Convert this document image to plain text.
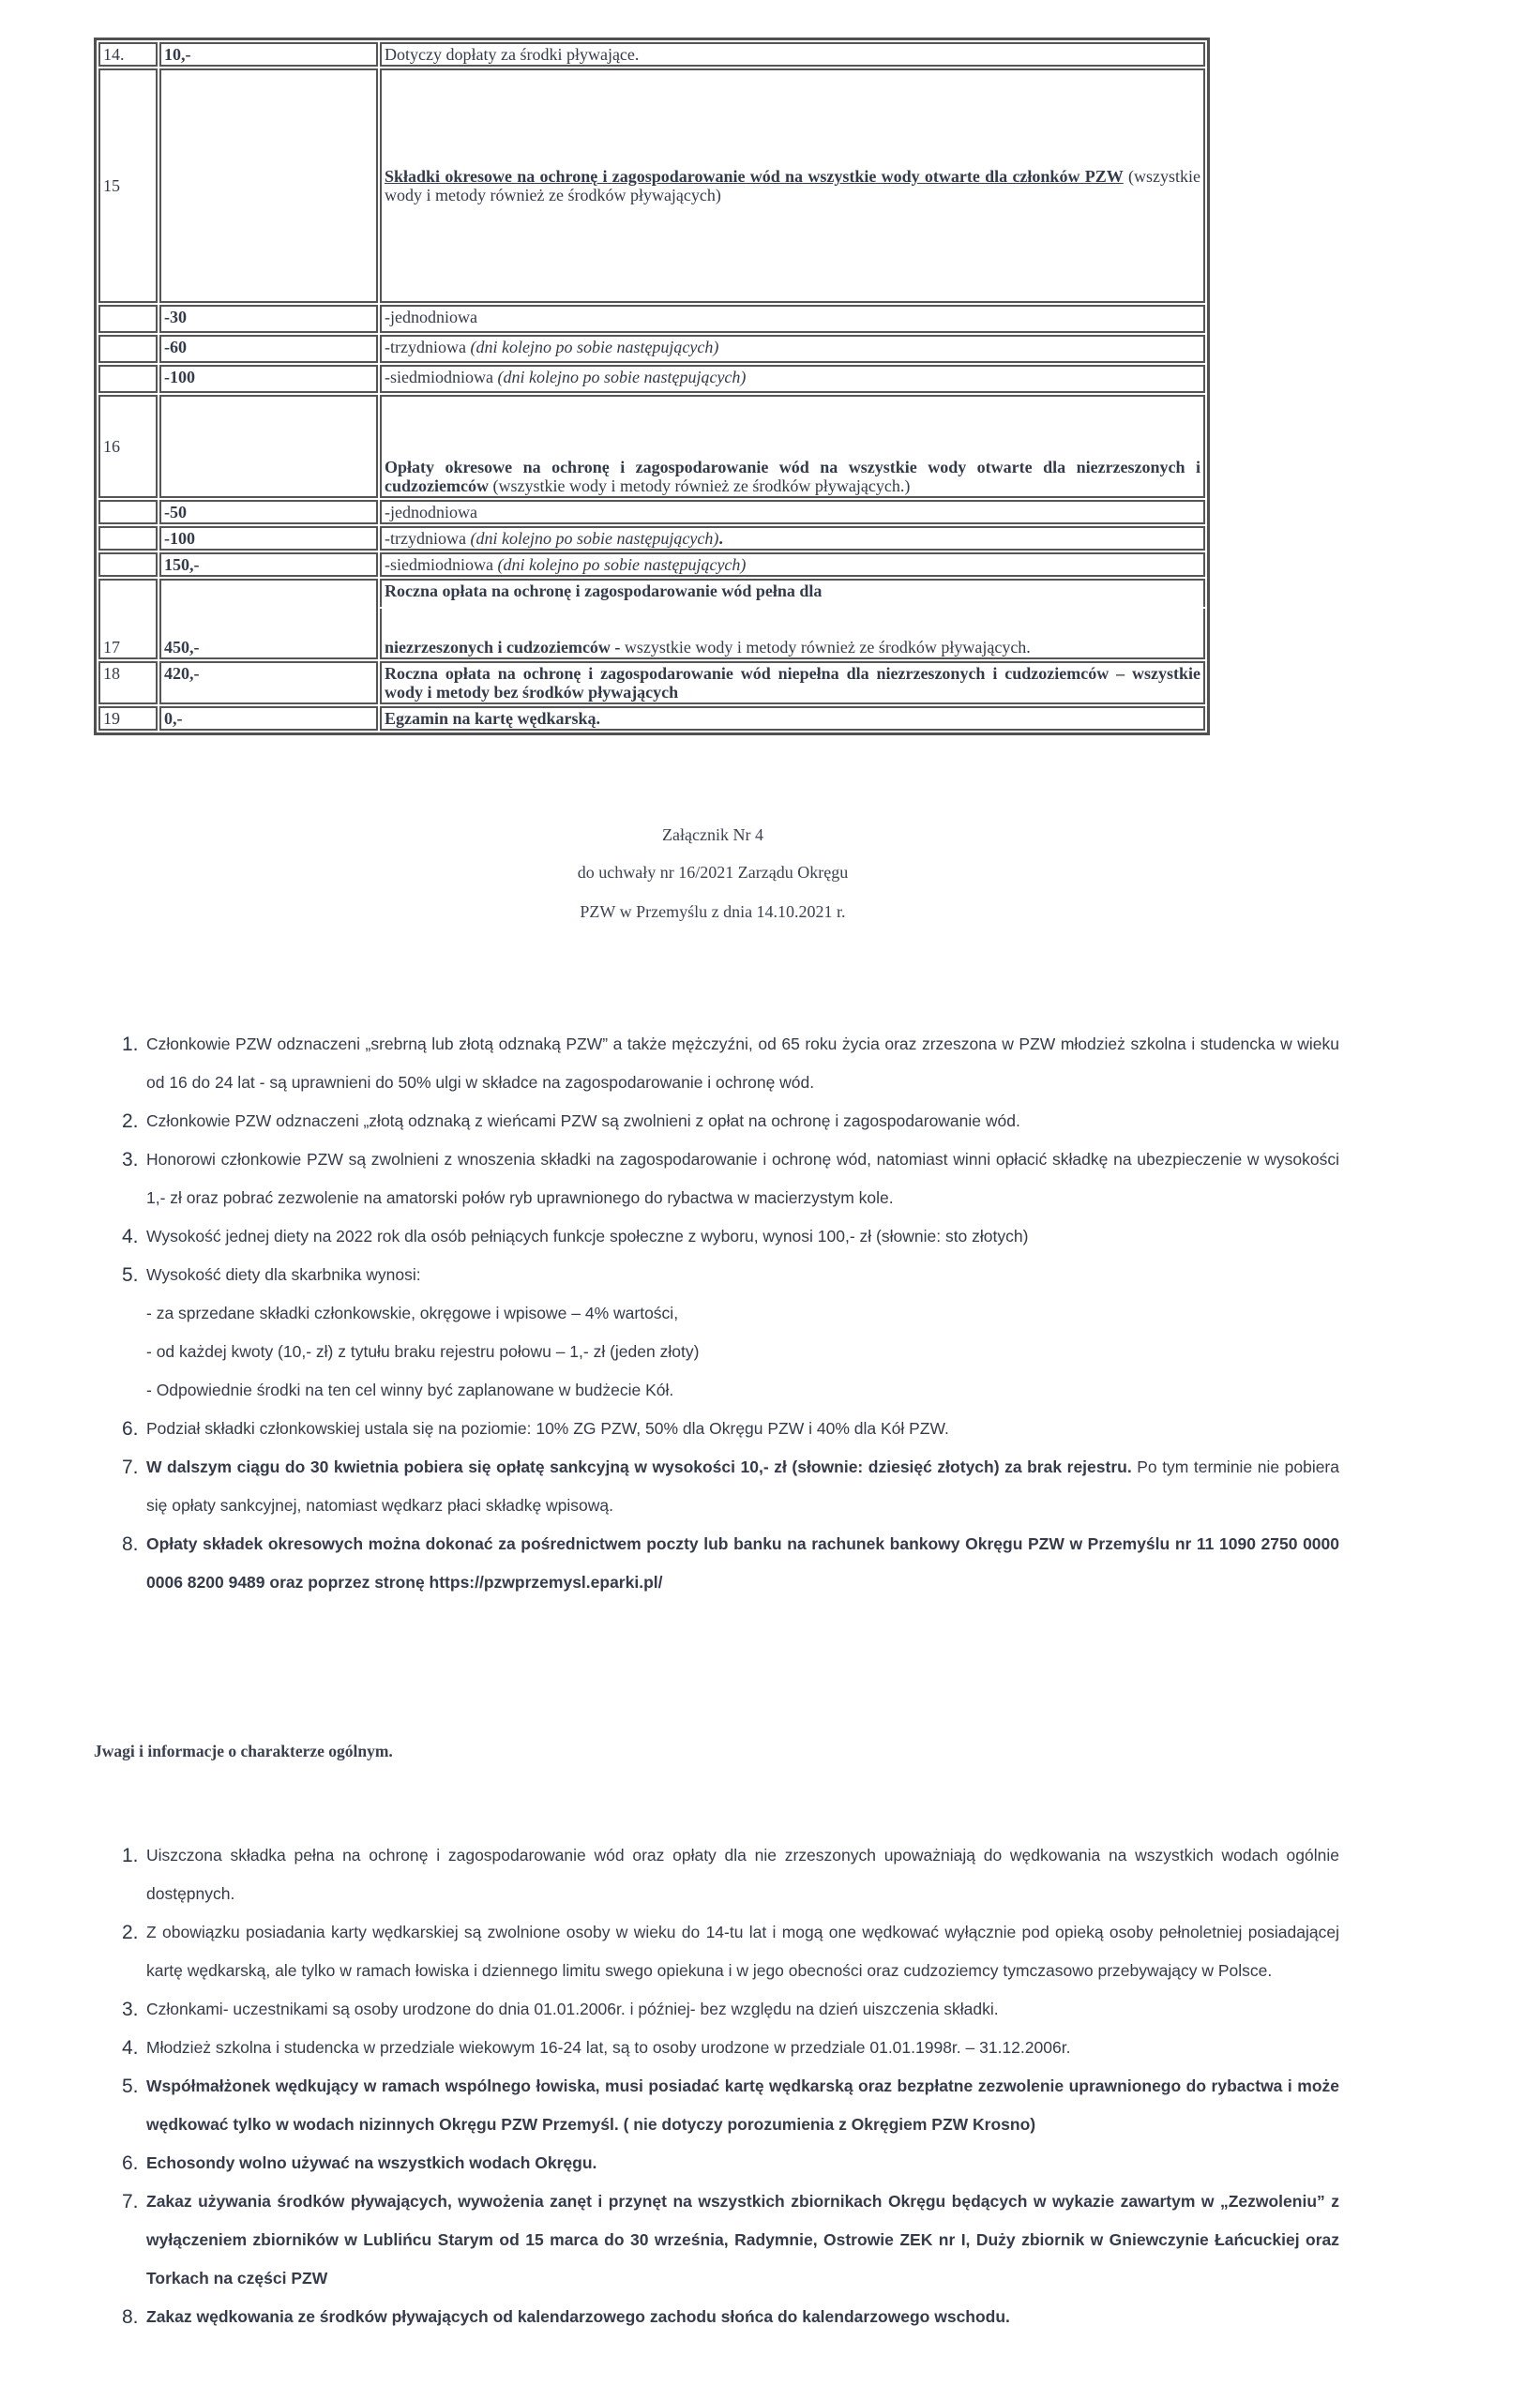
14.	10,-	Dotyczy dopłaty za środki pływające.
15		Składki okresowe na ochronę i zagospodarowanie wód na wszystkie wody otwarte dla członków PZW (wszystkie wody i metody również ze środków pływających)
	-30	-jednodniowa
	-60	-trzydniowa (dni kolejno po sobie następujących)
	-100	-siedmiodniowa (dni kolejno po sobie następujących)
16		Opłaty okresowe na ochronę i zagospodarowanie wód na wszystkie wody otwarte dla niezrzeszonych i cudzoziemców (wszystkie wody i metody również ze środków pływających.)
	-50	-jednodniowa
	-100	-trzydniowa (dni kolejno po sobie następujących).
	150,-	-siedmiodniowa (dni kolejno po sobie następujących)
17	450,-	Roczna opłata na ochronę i zagospodarowanie wód pełna dla
		niezrzeszonych i cudzoziemców - wszystkie wody i metody również ze środków pływających.
18	420,-	Roczna opłata na ochronę i zagospodarowanie wód niepełna dla niezrzeszonych i cudzoziemców – wszystkie wody i metody bez środków pływających
19	0,-	Egzamin na kartę wędkarską.
Załącznik Nr 4
do uchwały nr 16/2021 Zarządu Okręgu
PZW w Przemyślu z dnia 14.10.2021 r.
1. Członkowie PZW odznaczeni „srebrną lub złotą odznaką PZW” a także mężczyźni, od 65 roku życia oraz zrzeszona w PZW młodzież szkolna i studencka w wieku od 16 do 24 lat - są uprawnieni do 50% ulgi w składce na zagospodarowanie i ochronę wód.
2. Członkowie PZW odznaczeni „złotą odznaką z wieńcami PZW są zwolnieni z opłat na ochronę i zagospodarowanie wód.
3. Honorowi członkowie PZW są zwolnieni z wnoszenia składki na zagospodarowanie i ochronę wód, natomiast winni opłacić składkę na ubezpieczenie w wysokości 1,- zł oraz pobrać zezwolenie na amatorski połów ryb uprawnionego do rybactwa w macierzystym kole.
4. Wysokość jednej diety na 2022 rok dla osób pełniących funkcje społeczne z wyboru, wynosi 100,- zł (słownie: sto złotych)
5. Wysokość diety dla skarbnika wynosi:
- za sprzedane składki członkowskie, okręgowe i wpisowe – 4% wartości,
- od każdej kwoty (10,- zł) z tytułu braku rejestru połowu – 1,- zł (jeden złoty)
- Odpowiednie środki na ten cel winny być zaplanowane w budżecie Kół.
6. Podział składki członkowskiej ustala się na poziomie: 10% ZG PZW, 50% dla Okręgu PZW i 40% dla Kół PZW.
7. W dalszym ciągu do 30 kwietnia pobiera się opłatę sankcyjną w wysokości 10,- zł (słownie: dziesięć złotych) za brak rejestru. Po tym terminie nie pobiera się opłaty sankcyjnej, natomiast wędkarz płaci składkę wpisową.
8. Opłaty składek okresowych można dokonać za pośrednictwem poczty lub banku na rachunek bankowy Okręgu PZW w Przemyślu nr 11 1090 2750 0000 0006 8200 9489 oraz poprzez stronę https://pzwprzemysl.eparki.pl/
Jwagi i informacje o charakterze ogólnym.
1. Uiszczona składka pełna na ochronę i zagospodarowanie wód oraz opłaty dla nie zrzeszonych upoważniają do wędkowania na wszystkich wodach ogólnie dostępnych.
2. Z obowiązku posiadania karty wędkarskiej są zwolnione osoby w wieku do 14-tu lat i mogą one wędkować wyłącznie pod opieką osoby pełnoletniej posiadającej kartę wędkarską, ale tylko w ramach łowiska i dziennego limitu swego opiekuna i w jego obecności oraz cudzoziemcy tymczasowo przebywający w Polsce.
3. Członkami- uczestnikami są osoby urodzone do dnia 01.01.2006r. i później- bez względu na dzień uiszczenia składki.
4. Młodzież szkolna i studencka w przedziale wiekowym 16-24 lat, są to osoby urodzone w przedziale 01.01.1998r. – 31.12.2006r.
5. Współmałżonek wędkujący w ramach wspólnego łowiska, musi posiadać kartę wędkarską oraz bezpłatne zezwolenie uprawnionego do rybactwa i może wędkować tylko w wodach nizinnych Okręgu PZW Przemyśl. ( nie dotyczy porozumienia z Okręgiem PZW Krosno)
6. Echosondy wolno używać na wszystkich wodach Okręgu.
7. Zakaz używania środków pływających, wywożenia zanęt i przynęt na wszystkich zbiornikach Okręgu będących w wykazie zawartym w „Zezwoleniu” z wyłączeniem zbiorników w Lublińcu Starym od 15 marca do 30 września, Radymnie, Ostrowie ZEK nr I, Duży zbiornik w Gniewczynie Łańcuckiej oraz Torkach na części PZW
8. Zakaz wędkowania ze środków pływających od kalendarzowego zachodu słońca do kalendarzowego wschodu.
